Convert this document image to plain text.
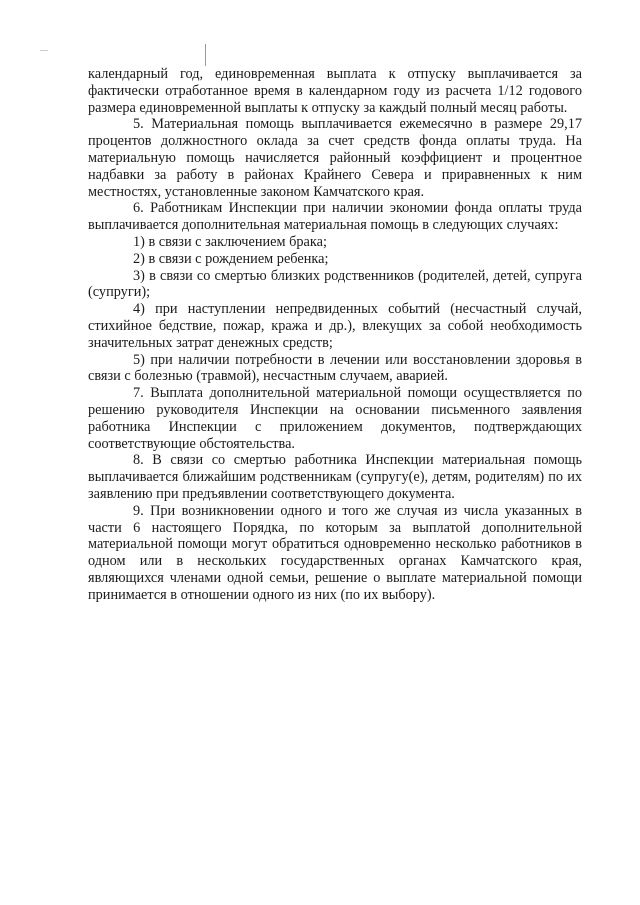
календарный год, единовременная выплата к отпуску выплачивается за фактически отработанное время в календарном году из расчета 1/12 годового размера единовременной выплаты к отпуску за каждый полный месяц работы.

5. Материальная помощь выплачивается ежемесячно в размере 29,17 процентов должностного оклада за счет средств фонда оплаты труда. На материальную помощь начисляется районный коэффициент и процентное надбавки за работу в районах Крайнего Севера и приравненных к ним местностях, установленные законом Камчатского края.

6. Работникам Инспекции при наличии экономии фонда оплаты труда выплачивается дополнительная материальная помощь в следующих случаях:

1) в связи с заключением брака;

2) в связи с рождением ребенка;

3) в связи со смертью близких родственников (родителей, детей, супруга (супруги);

4) при наступлении непредвиденных событий (несчастный случай, стихийное бедствие, пожар, кража и др.), влекущих за собой необходимость значительных затрат денежных средств;

5) при наличии потребности в лечении или восстановлении здоровья в связи с болезнью (травмой), несчастным случаем, аварией.

7. Выплата дополнительной материальной помощи осуществляется по решению руководителя Инспекции на основании письменного заявления работника Инспекции с приложением документов, подтверждающих соответствующие обстоятельства.

8. В связи со смертью работника Инспекции материальная помощь выплачивается ближайшим родственникам (супругу(е), детям, родителям) по их заявлению при предъявлении соответствующего документа.

9. При возникновении одного и того же случая из числа указанных в части 6 настоящего Порядка, по которым за выплатой дополнительной материальной помощи могут обратиться одновременно несколько работников в одном или в нескольких государственных органах Камчатского края, являющихся членами одной семьи, решение о выплате материальной помощи принимается в отношении одного из них (по их выбору).
